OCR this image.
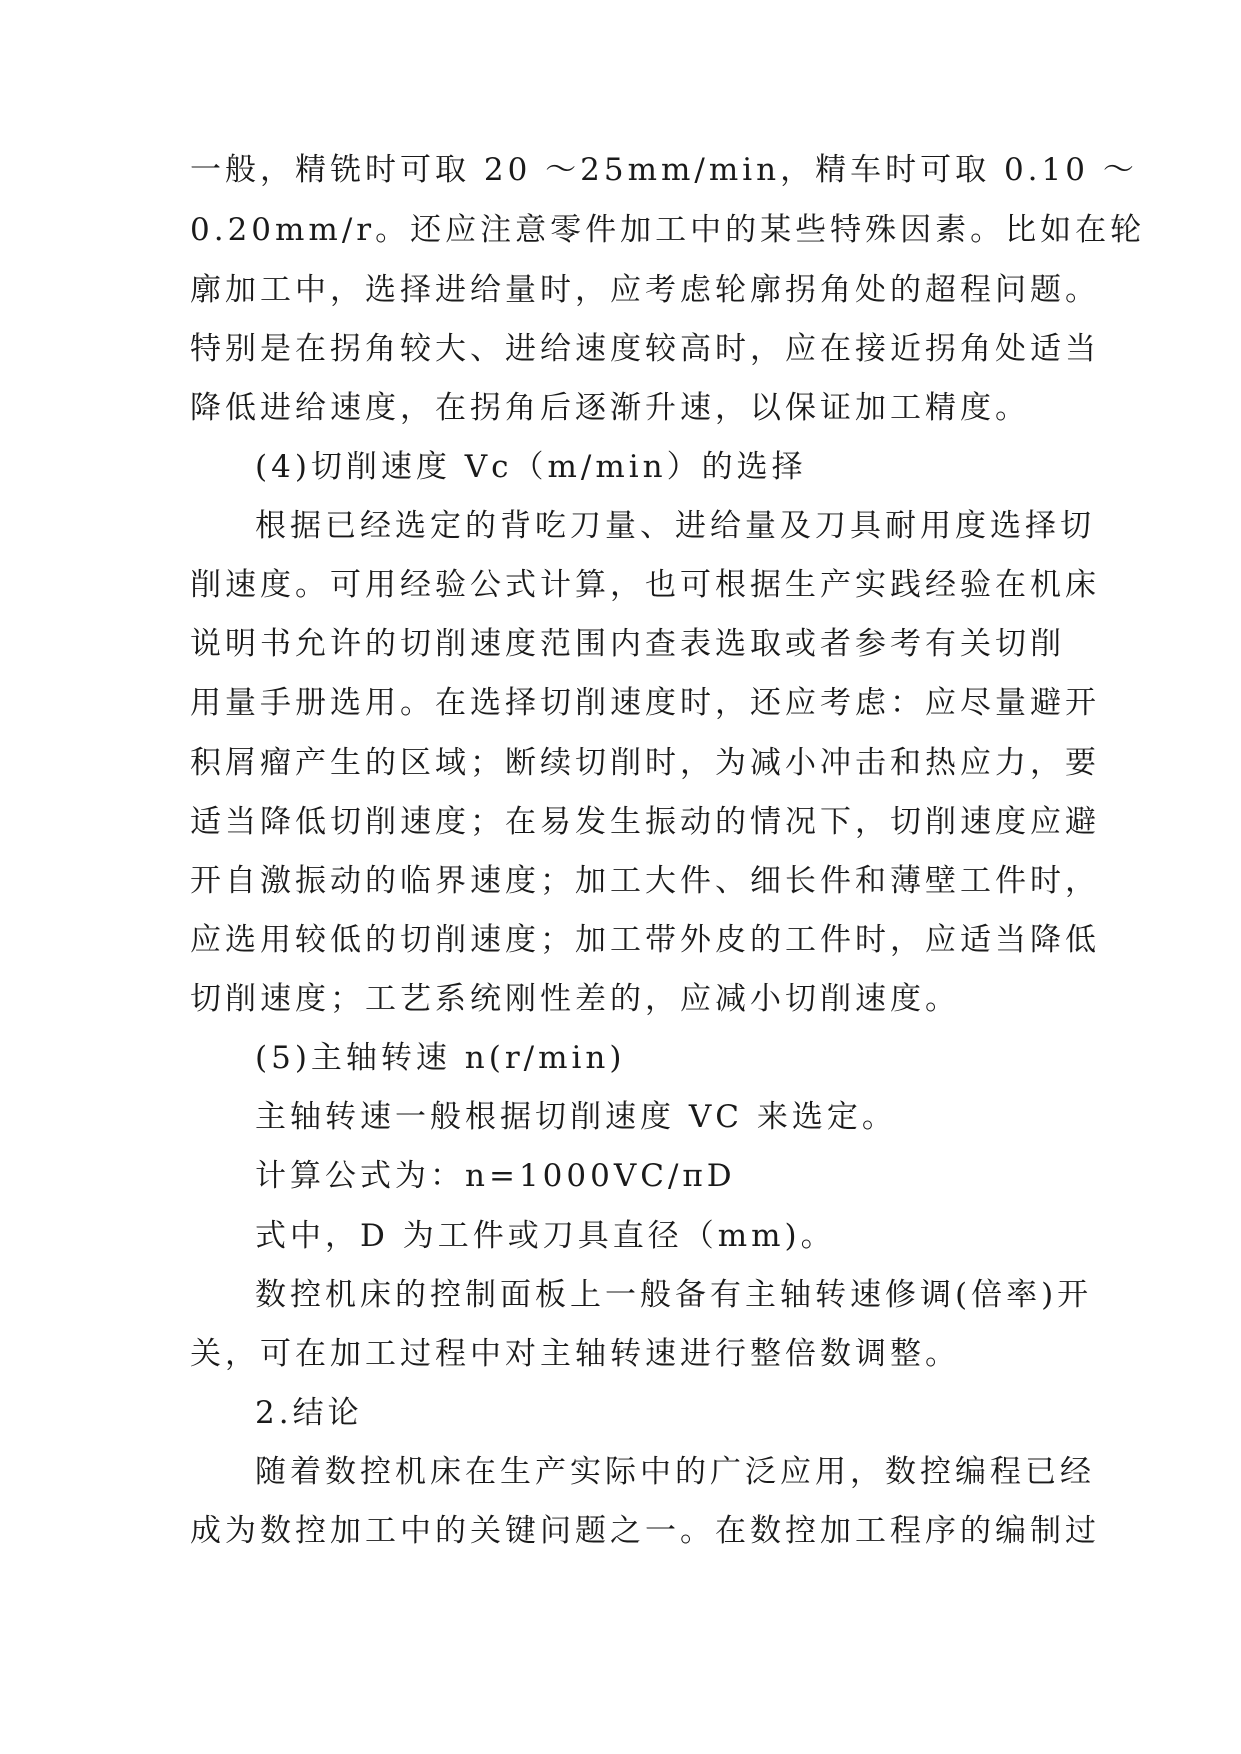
一般，精铣时可取 20 ～25mm/min，精车时可取 0.10 ～
0.20mm/r。还应注意零件加工中的某些特殊因素。比如在轮
廓加工中，选择进给量时，应考虑轮廓拐角处的超程问题。
特别是在拐角较大、进给速度较高时，应在接近拐角处适当
降低进给速度，在拐角后逐渐升速，以保证加工精度。
(4)切削速度 Vc（m/min）的选择
根据已经选定的背吃刀量、进给量及刀具耐用度选择切
削速度。可用经验公式计算，也可根据生产实践经验在机床
说明书允许的切削速度范围内查表选取或者参考有关切削
用量手册选用。在选择切削速度时，还应考虑：应尽量避开
积屑瘤产生的区域；断续切削时，为减小冲击和热应力，要
适当降低切削速度；在易发生振动的情况下，切削速度应避
开自激振动的临界速度；加工大件、细长件和薄壁工件时，
应选用较低的切削速度；加工带外皮的工件时，应适当降低
切削速度；工艺系统刚性差的，应减小切削速度。
(5)主轴转速 n(r/min)
主轴转速一般根据切削速度 VC 来选定。
计算公式为：n=1000VC/πD
式中，D 为工件或刀具直径（mm)。
数控机床的控制面板上一般备有主轴转速修调(倍率)开
关，可在加工过程中对主轴转速进行整倍数调整。
2.结论
随着数控机床在生产实际中的广泛应用，数控编程已经
成为数控加工中的关键问题之一。在数控加工程序的编制过
